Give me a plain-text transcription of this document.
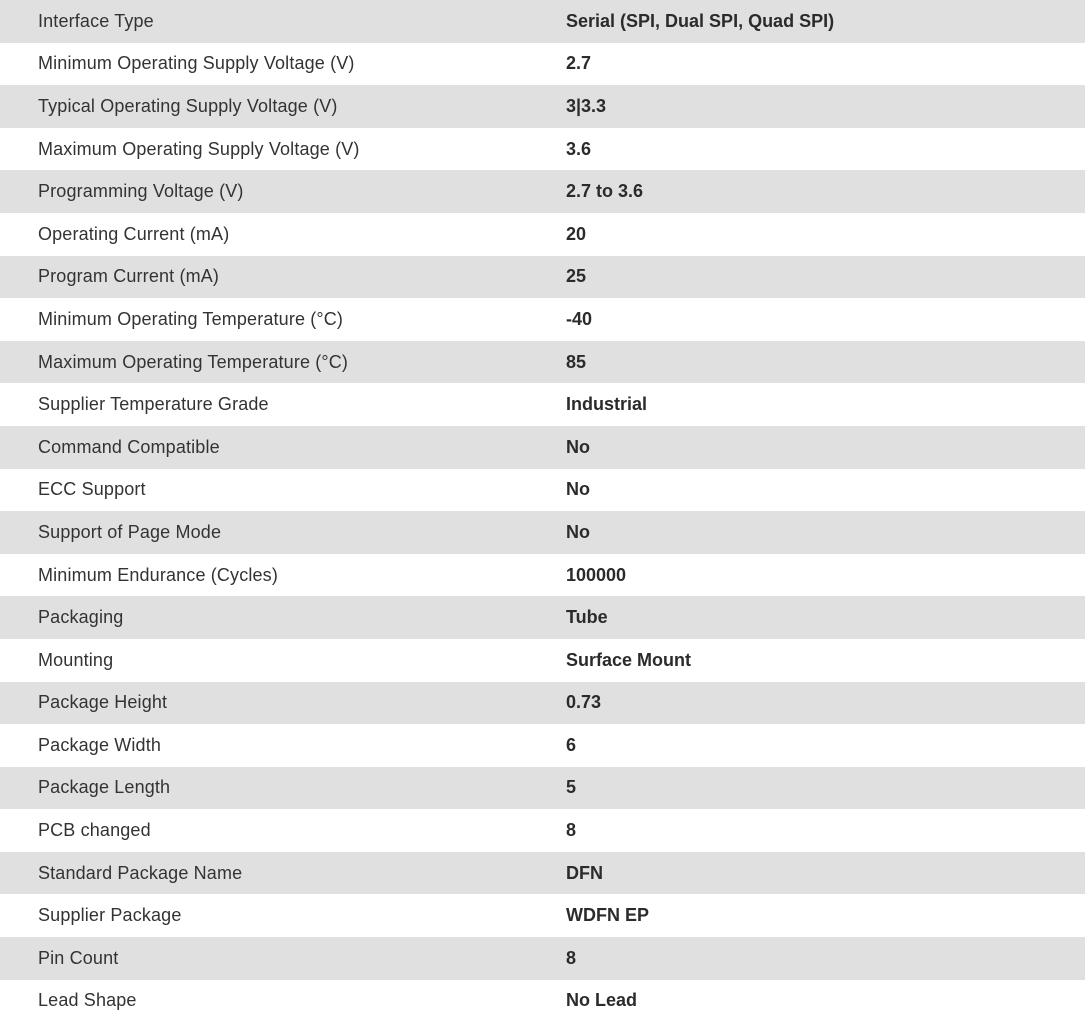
Interface Type	Serial (SPI, Dual SPI, Quad SPI)
Minimum Operating Supply Voltage (V)	2.7
Typical Operating Supply Voltage (V)	3|3.3
Maximum Operating Supply Voltage (V)	3.6
Programming Voltage (V)	2.7 to 3.6
Operating Current (mA)	20
Program Current (mA)	25
Minimum Operating Temperature (°C)	-40
Maximum Operating Temperature (°C)	85
Supplier Temperature Grade	Industrial
Command Compatible	No
ECC Support	No
Support of Page Mode	No
Minimum Endurance (Cycles)	100000
Packaging	Tube
Mounting	Surface Mount
Package Height	0.73
Package Width	6
Package Length	5
PCB changed	8
Standard Package Name	DFN
Supplier Package	WDFN EP
Pin Count	8
Lead Shape	No Lead
